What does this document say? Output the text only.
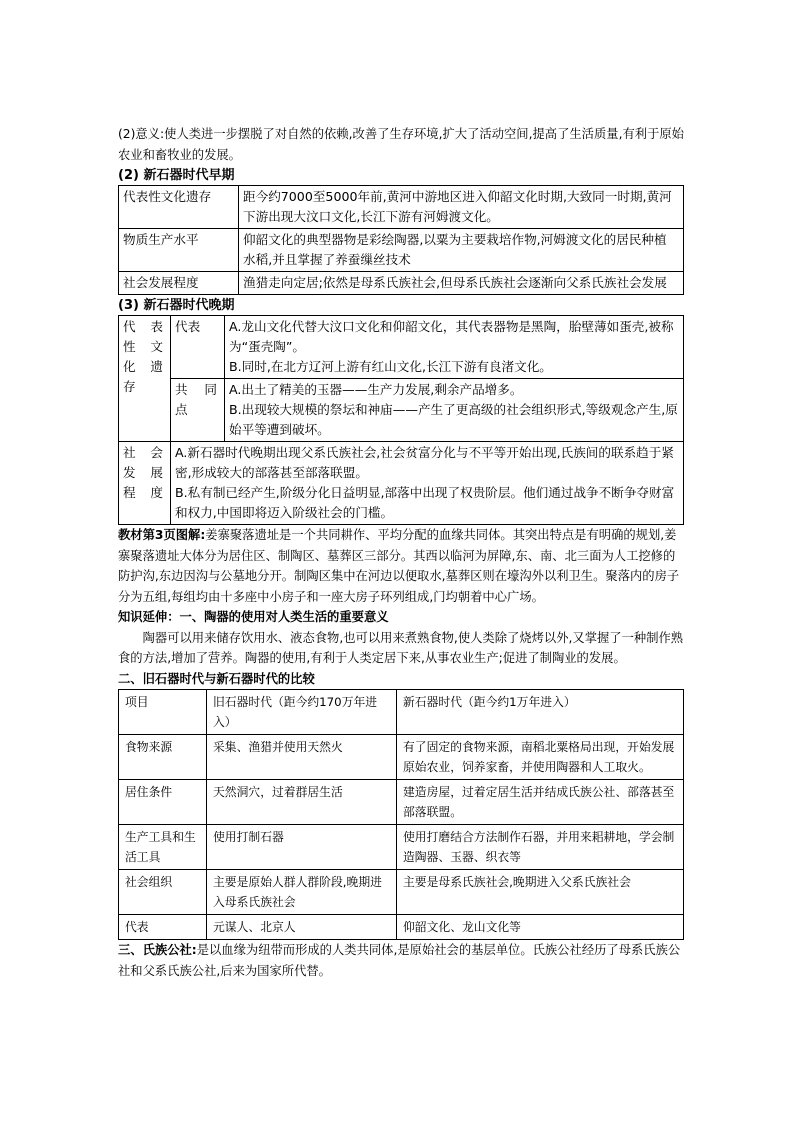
(2)意义:使人类进一步摆脱了对自然的依赖,改善了生存环境,扩大了活动空间,提高了生活质量,有利于原始农业和畜牧业的发展。

(2) 新石器时代早期

代表性文化遗存	距今约7000至5000年前,黄河中游地区进入仰韶文化时期,大致同一时期,黄河下游出现大汶口文化,长江下游有河姆渡文化。
物质生产水平	仰韶文化的典型器物是彩绘陶器,以粟为主要栽培作物,河姆渡文化的居民种植水稻,并且掌握了养蚕缫丝技术
社会发展程度	渔猎走向定居;依然是母系氏族社会,但母系氏族社会逐渐向父系氏族社会发展

(3) 新石器时代晚期

代表性文化遗存	代表	A.龙山文化代替大汶口文化和仰韶文化，其代表器物是黑陶，胎壁薄如蛋壳,被称为“蛋壳陶”。
B.同时,在北方辽河上游有红山文化,长江下游有良渚文化。

	共同点	A.出土了精美的玉器——生产力发展,剩余产品增多。
B.出现较大规模的祭坛和神庙——产生了更高级的社会组织形式,等级观念产生,原始平等遭到破坏。

社会发展程度	A.新石器时代晚期出现父系氏族社会,社会贫富分化与不平等开始出现,氏族间的联系趋于紧密,形成较大的部落甚至部落联盟。
B.私有制已经产生,阶级分化日益明显,部落中出现了权贵阶层。他们通过战争不断争夺财富和权力,中国即将迈入阶级社会的门槛。	

教材第3页图解:姜寨聚落遗址是一个共同耕作、平均分配的血缘共同体。其突出特点是有明确的规划,姜寨聚落遗址大体分为居住区、制陶区、墓葬区三部分。其西以临河为屏障,东、南、北三面为人工挖修的防护沟,东边因沟与公墓地分开。制陶区集中在河边以便取水,墓葬区则在壕沟外以利卫生。聚落内的房子分为五组,每组均由十多座中小房子和一座大房子环列组成,门均朝着中心广场。

知识延伸：一、陶器的使用对人类生活的重要意义

陶器可以用来储存饮用水、液态食物,也可以用来煮熟食物,使人类除了烧烤以外,又掌握了一种制作熟食的方法,增加了营养。陶器的使用,有利于人类定居下来,从事农业生产;促进了制陶业的发展。

二、旧石器时代与新石器时代的比较

项目	旧石器时代（距今约170万年进入）	新石器时代（距今约1万年进入）
食物来源	采集、渔猎并使用天然火	有了固定的食物来源，南稻北粟格局出现，开始发展原始农业，饲养家畜，并使用陶器和人工取火。
居住条件	天然洞穴，过着群居生活	建造房屋，过着定居生活并结成氏族公社、部落甚至部落联盟。
生产工具和生活工具	使用打制石器	使用打磨结合方法制作石器，并用来耜耕地，学会制造陶器、玉器、织衣等
社会组织	主要是原始人群人群阶段,晚期进入母系氏族社会	主要是母系氏族社会,晚期进入父系氏族社会
代表	元谋人、北京人	仰韶文化、龙山文化等

三、氏族公社:是以血缘为纽带而形成的人类共同体,是原始社会的基层单位。氏族公社经历了母系氏族公社和父系氏族公社,后来为国家所代替。
